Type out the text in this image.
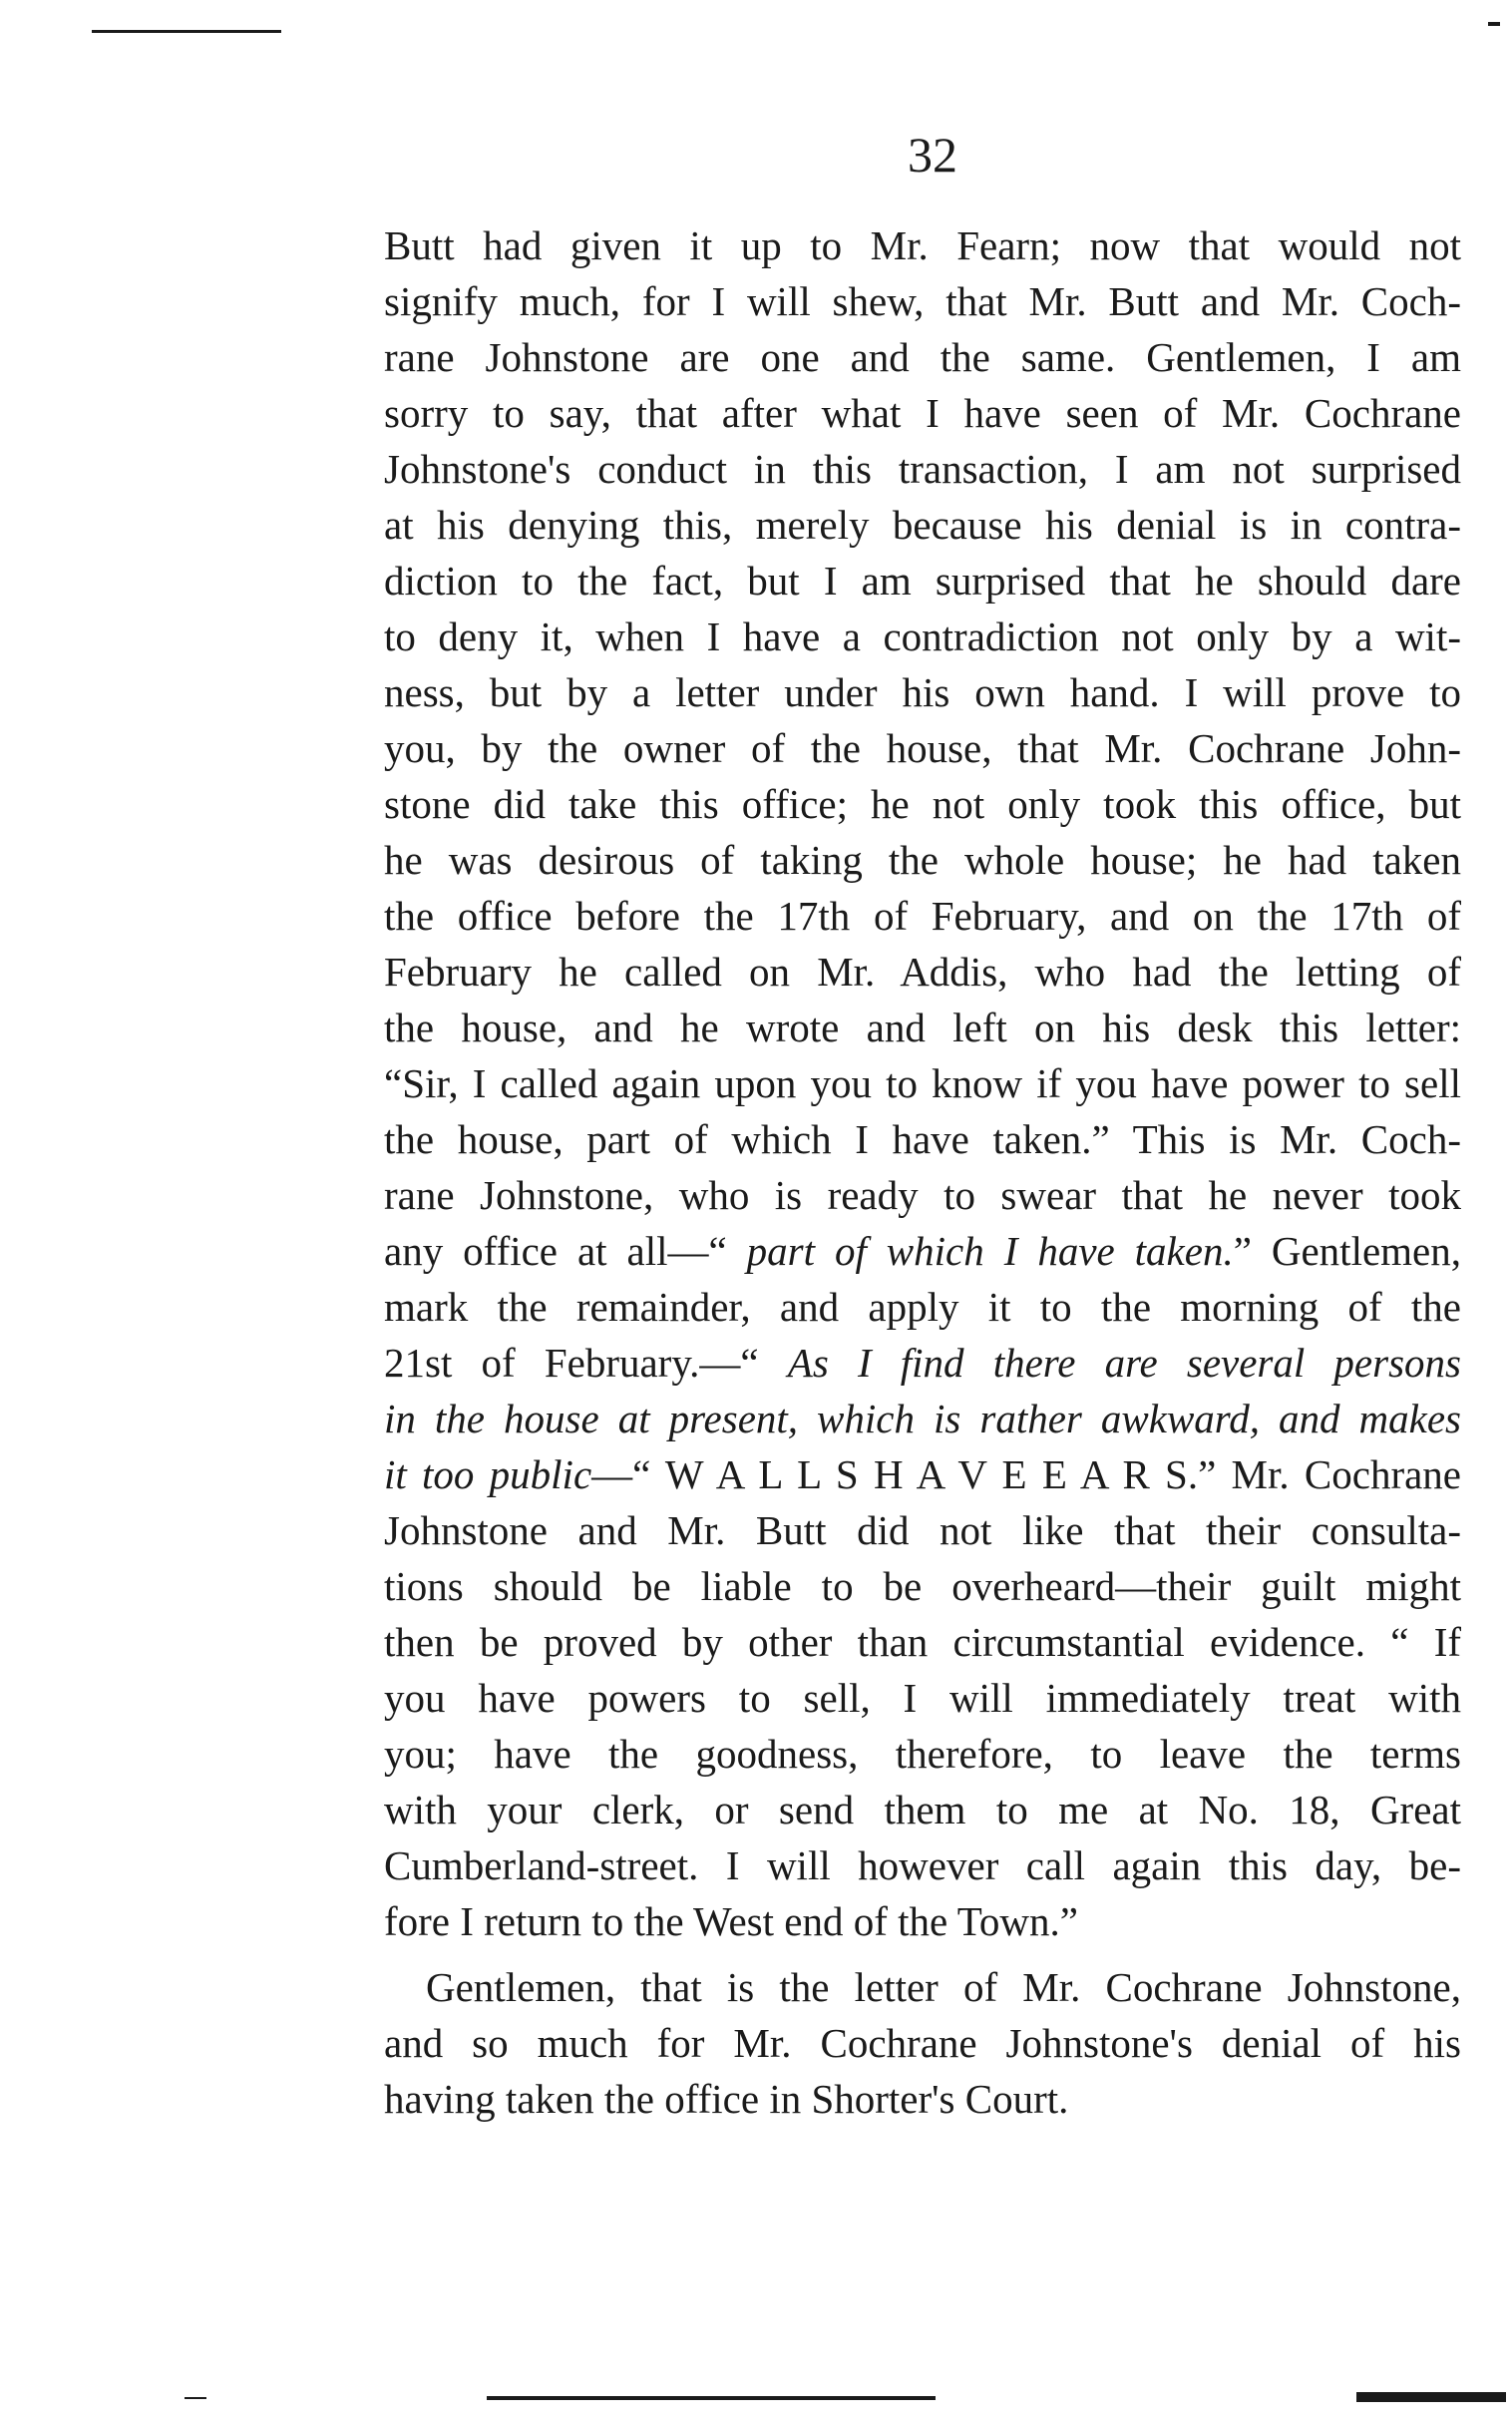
32
Butt had given it up to Mr. Fearn; now that would not
signify much, for I will shew, that Mr. Butt and Mr. Coch-
rane Johnstone are one and the same. Gentlemen, I am
sorry to say, that after what I have seen of Mr. Cochrane
Johnstone's conduct in this transaction, I am not surprised
at his denying this, merely because his denial is in contra-
diction to the fact, but I am surprised that he should dare
to deny it, when I have a contradiction not only by a wit-
ness, but by a letter under his own hand. I will prove to
you, by the owner of the house, that Mr. Cochrane John-
stone did take this office; he not only took this office, but
he was desirous of taking the whole house; he had taken
the office before the 17th of February, and on the 17th of
February he called on Mr. Addis, who had the letting of
the house, and he wrote and left on his desk this letter:
“Sir, I called again upon you to know if you have power to sell
the house, part of which I have taken.” This is Mr. Coch-
rane Johnstone, who is ready to swear that he never took
any office at all—“ part of which I have taken.” Gentlemen,
mark the remainder, and apply it to the morning of the
21st of February.—“ As I find there are several persons
in the house at present, which is rather awkward, and makes
it too public—“ W A L L S H A V E E A R S.” Mr. Cochrane
Johnstone and Mr. Butt did not like that their consulta-
tions should be liable to be overheard—their guilt might
then be proved by other than circumstantial evidence. “ If
you have powers to sell, I will immediately treat with
you; have the goodness, therefore, to leave the terms
with your clerk, or send them to me at No. 18, Great
Cumberland-street. I will however call again this day, be-
fore I return to the West end of the Town.”
Gentlemen, that is the letter of Mr. Cochrane Johnstone,
and so much for Mr. Cochrane Johnstone's denial of his
having taken the office in Shorter's Court.
